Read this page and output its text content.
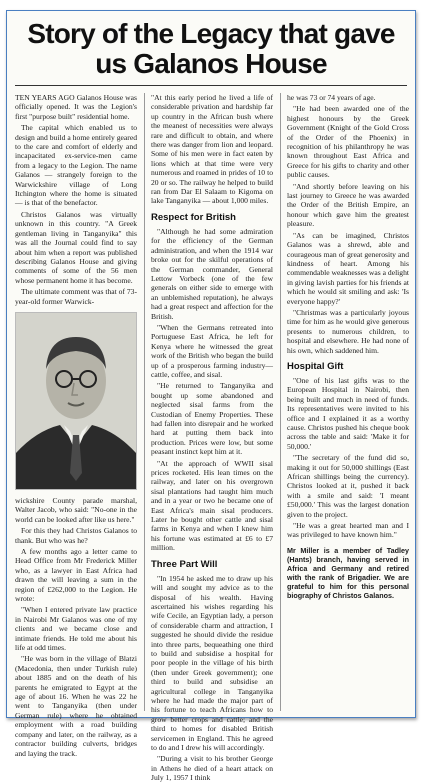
Story of the Legacy that gave us Galanos House

TEN YEARS AGO Galanos House was officially opened. It was the Legion's first "purpose built" residential home.

The capital which enabled us to design and build a home entirely geared to the care and comfort of elderly and incapacitated ex-service-men came from a legacy to the Legion. The name Galanos — strangely foreign to the Warwickshire village of Long Itchington where the home is situated — is that of the benefactor.

Christos Galanos was virtually unknown in this country. "A Greek gentleman living in Tanganyika" this was all the Journal could find to say about him when a report was published describing Galanos House and giving comments of some of the 56 men whose permanent home it has become.

The ultimate comment was that of 73-year-old former Warwick-

wickshire County parade marshal, Walter Jacob, who said: "No-one in the world can be looked after like us here."

For this they had Christos Galanos to thank. But who was he?

A few months ago a letter came to Head Office from Mr Frederick Miller who, as a lawyer in East Africa had drawn the will leaving a sum in the region of £262,000 to the Legion. He wrote:

"When I entered private law practice in Nairobi Mr Galanos was one of my clients and we became close and intimate friends. He told me about his life at odd times.

"He was born in the village of Blatzi (Macedonia, then under Turkish rule) about 1885 and on the death of his parents he emigrated to Egypt at the age of about 16. When he was 22 he went to Tanganyika (then under German rule) where he obtained employment with a road building company and later, on the railway, as a contractor building culverts, bridges and laying the track.

"At this early period he lived a life of considerable privation and hardship far up country in the African bush where the meanest of necessities were always rare and difficult to obtain, and where there was danger from lion and leopard. Some of his men were in fact eaten by lions which at that time were very numerous and roamed in prides of 10 to 20 or so. The railway he helped to build ran from Dar El Salaam to Kigoma on lake Tanganyika — about 1,000 miles.

Respect for British

"Although he had some admiration for the efficiency of the German administration, and when the 1914 war broke out for the skilful operations of the German commander, General Lettow Vorbeck (one of the few generals on either side to emerge with an unblemished reputation), he always had a great respect and affection for the British.

"When the Germans retreated into Portuguese East Africa, he left for Kenya where he witnessed the great work of the British who began the build up of a prosperous farming industry—cattle, coffee, and sisal.

"He returned to Tanganyika and bought up some abandoned and neglected sisal farms from the Custodian of Enemy Properties. These had fallen into disrepair and he worked hard at putting them back into production. Prices were low, but some peasant instinct kept him at it.

"At the approach of WWII sisal prices rocketed. His lean times on the railway, and later on his overgrown sisal plantations had taught him much and in a year or two he became one of East Africa's main sisal producers. Later he bought other cattle and sisal farms in Kenya and when I knew him his fortune was estimated at £6 to £7 million.

Three Part Will

"In 1954 he asked me to draw up his will and sought my advice as to the disposal of his wealth. Having ascertained his wishes regarding his wife Cecile, an Egyptian lady, a person of considerable charm and attraction, I suggested he should divide the residue into three parts, bequeathing one third to build and subsidise a hospital for poor people in the village of his birth (then under Greek government); one third to build and subsidise an agricultural college in Tanganyika where he had made the major part of his fortune to teach Africans how to grow better crops and cattle; and the third to homes for disabled British servicemen in England. This he agreed to do and I drew his will accordingly.

"During a visit to his brother George in Athens he died of a heart attack on July 1, 1957 I think

he was 73 or 74 years of age.

"He had been awarded one of the highest honours by the Greek Government (Knight of the Gold Cross of the Order of the Phoenix) in recognition of his philanthropy he was known throughout East Africa and Greece for his gifts to charity and other public causes.

"And shortly before leaving on his last journey to Greece he was awarded the Order of the British Empire, an honour which gave him the greatest pleasure.

"As can be imagined, Christos Galanos was a shrewd, able and courageous man of great generosity and kindness of heart. Among his commendable weaknesses was a delight in giving lavish parties for his friends at which he would sit smiling and ask: 'Is everyone happy?'

"Christmas was a particularly joyous time for him as he would give generous presents to numerous children, to hospital and elsewhere. He had none of his own, which saddened him.

Hospital Gift

"One of his last gifts was to the European Hospital in Nairobi, then being built and much in need of funds. Its representatives were invited to his office and I explained it as a worthy cause. Christos pushed his cheque book across the table and said: 'Make it for 50,000.'

"The secretary of the fund did so, making it out for 50,000 shillings (East African shillings being the currency). Christos looked at it, pushed it back with a smile and said: 'I meant £50,000.' This was the largest donation given to the project.

"He was a great hearted man and I was privileged to have known him."

Mr Miller is a member of Tadley (Hants) branch, having served in Africa and Germany and retired with the rank of Brigadier. We are grateful to him for this personal biography of Christos Galanos.
